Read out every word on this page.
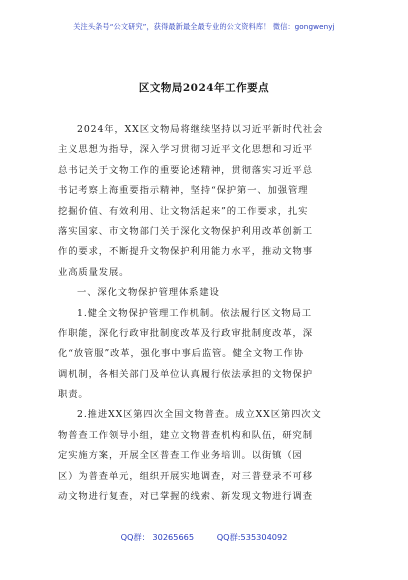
关注头条号“公文研究”，获得最新最全最专业的公文资料库！ 微信：gongwenyj
区文物局2024年工作要点
2024年，XX区文物局将继续坚持以习近平新时代社会
主义思想为指导，深入学习贯彻习近平文化思想和习近平
总书记关于文物工作的重要论述精神，贯彻落实习近平总
书记考察上海重要指示精神，坚持“保护第一、加强管理
挖掘价值、有效利用、让文物活起来”的工作要求，扎实
落实国家、市文物部门关于深化文物保护利用改革创新工
作的要求，不断提升文物保护利用能力水平，推动文物事
业高质量发展。
一、深化文物保护管理体系建设
1.健全文物保护管理工作机制。依法履行区文物局工
作职能，深化行政审批制度改革及行政审批制度改革，深
化“放管服”改革，强化事中事后监管。健全文物工作协
调机制，各相关部门及单位认真履行依法承担的文物保护
职责。
2.推进XX区第四次全国文物普查。成立XX区第四次文
物普查工作领导小组，建立文物普查机构和队伍，研究制
定实施方案，开展全区普查工作业务培训。以街镇（园
区）为普查单元，组织开展实地调查，对三普登录不可移
动文物进行复查，对已掌握的线索、新发现文物进行调查
QQ群： 30265665	QQ群:535304092
